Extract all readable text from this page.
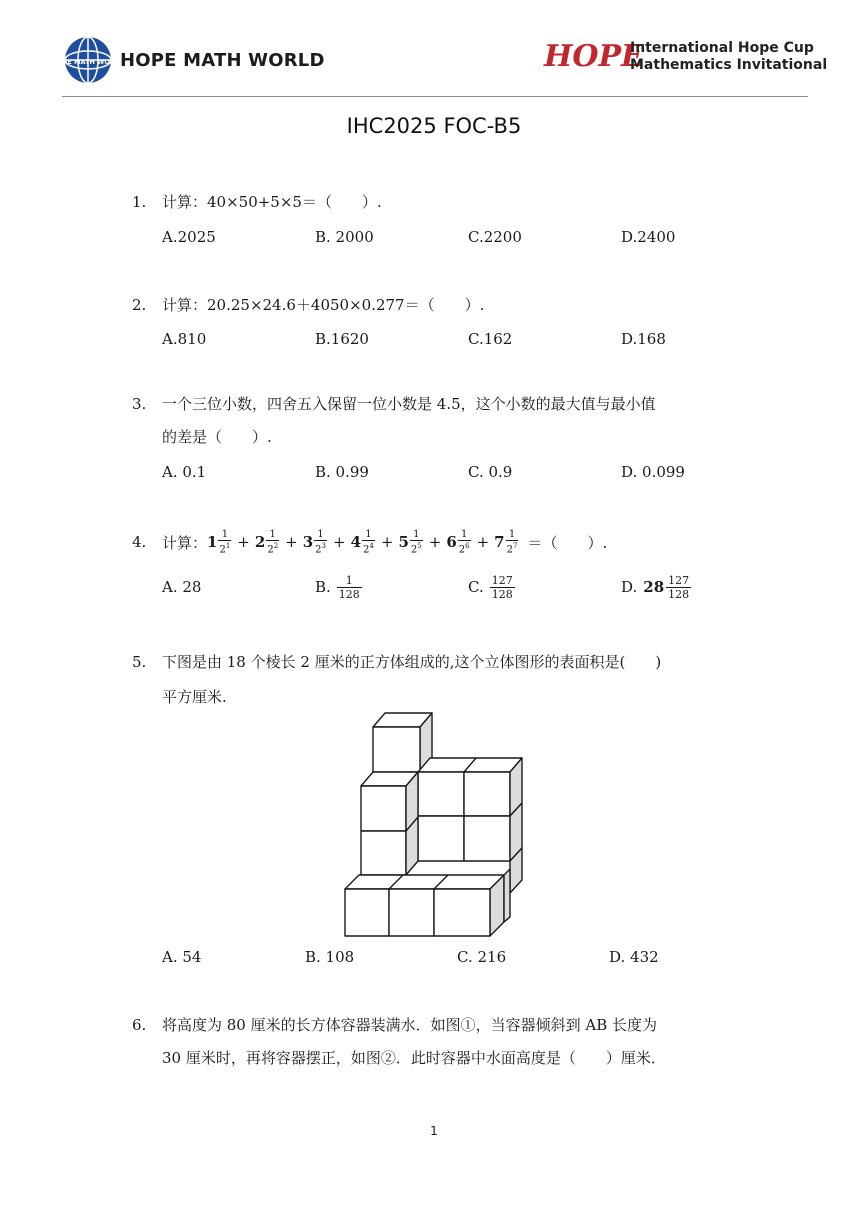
HOPE MATH WORLD
HOPE MATH WORLD	HOPE
International Hope Cup
Mathematics Invitational
IHC2025 FOC-B5
1. 计算：40×50+5×5＝（　　）.
A.2025	B. 2000	C.2200	D.2400
2. 计算：20.25×24.6＋4050×0.277＝（　　）.
A.810	B.1620	C.162	D.168
3. 一个三位小数，四舍五入保留一位小数是 4.5，这个小数的最大值与最小值
的差是（　　）.
A. 0.1	B. 0.99	C. 0.9	D. 0.099
4. 计算： $1 \frac{1}{2^1} + 2 \frac{1}{2^2} + 3 \frac{1}{2^3} + 4 \frac{1}{2^4} + 5 \frac{1}{2^5} + 6 \frac{1}{2^6} + 7 \frac{1}{2^7}$ ＝（　　）.
A. 28	B. $\frac{1}{128}$	C. $\frac{127}{128}$	D. $28 \frac{127}{128}$
5. 下图是由 18 个棱长 2 厘米的正方体组成的,这个立体图形的表面积是(　　)
平方厘米.
A. 54	B. 108	C. 216	D. 432
6. 将高度为 80 厘米的长方体容器装满水．如图①，当容器倾斜到 AB 长度为
30 厘米时，再将容器摆正，如图②．此时容器中水面高度是（　　）厘米．
1
